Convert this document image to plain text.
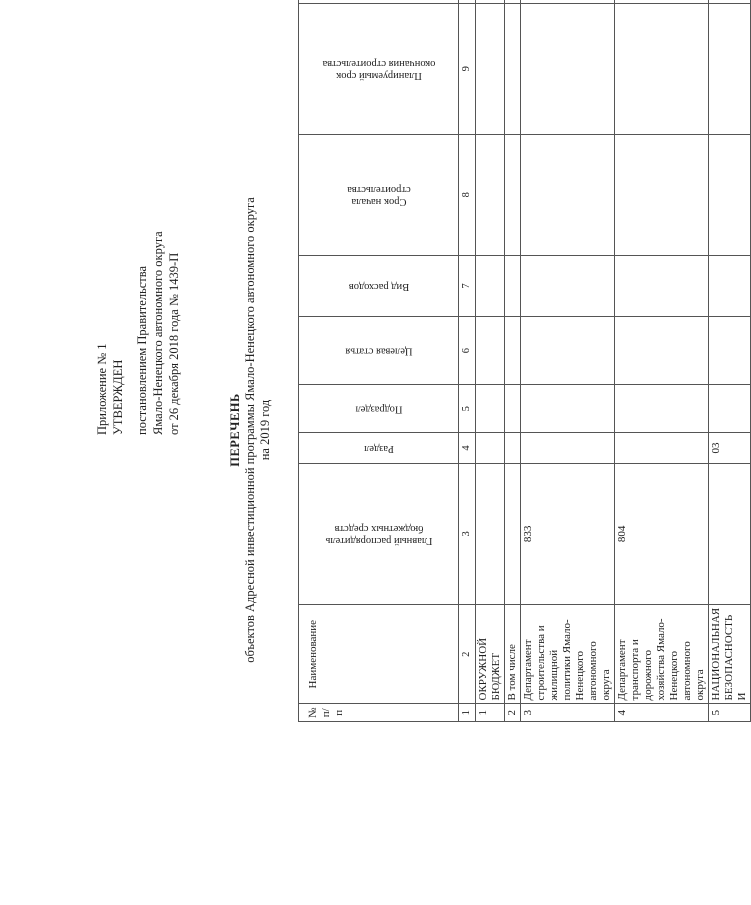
Приложение № 1 УТВЕРЖДЕН постановлением Правительства Ямало-Ненецкого автономного округа от 26 декабря 2018 года № 1439-П	ПЕРЕЧЕНЬ объектов Адресной инвестиционной программы Ямало-Ненецкого автономного округа на 2019 год
№ п/п	Наименование	Главный распорядитель бюджетных средств	Раздел	Подраздел	Целевая статья	Вид расходов	Срок начала строительства	Планируемый срок окончания строительства			
1	2	3	4	5	6	7	8	9			
1	ОКРУЖНОЙ БЮДЖЕТ										
2	В том числе										
3	Департамент строительства и жилищной политики Ямало-Ненецкого автономного округа	833									
4	Департамент транспорта и дорожного хозяйства Ямало-Ненецкого автономного округа	804									
5	НАЦИОНАЛЬНАЯ БЕЗОПАСНОСТЬ И		03								
